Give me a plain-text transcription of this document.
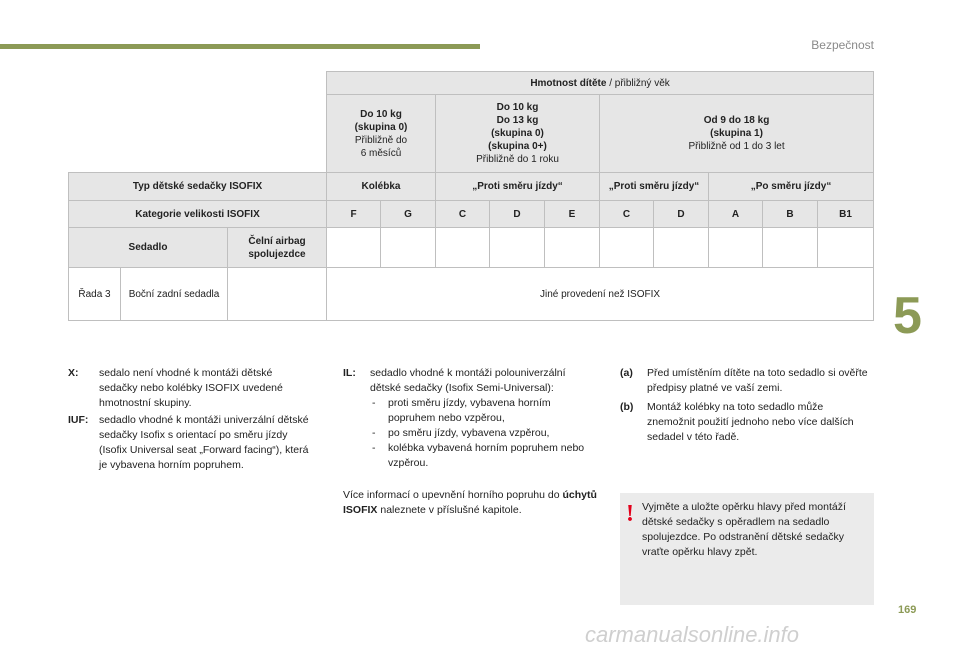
Bezpečnost
			Hmotnost dítěte / přibližný věk									
			Do 10 kg
(skupina 0)
Přibližně do
6 měsíců		Do 10 kg
Do 13 kg
(skupina 0)
(skupina 0+)
Přibližně do 1 roku			Od 9 do 18 kg
(skupina 1)
Přibližně od 1 do 3 let				
Typ dětské sedačky ISOFIX			Kolébka		„Proti směru jízdy“			„Proti směru jízdy“		„Po směru jízdy“		
Kategorie velikosti ISOFIX			F	G	C	D	E	C	D	A	B	B1
Sedadlo		Čelní airbag spolujezdce										
Řada 3	Boční zadní sedadla		Jiné provedení než ISOFIX									
X: sedalo není vhodné k montáži dětské sedačky nebo kolébky ISOFIX uvedené hmotnostní skupiny.
IUF: sedadlo vhodné k montáži univerzální dětské sedačky Isofix s orientací po směru jízdy (Isofix Universal seat „Forward facing“), která je vybavena horním popruhem.
IL: sedadlo vhodné k montáži polouniverzální dětské sedačky (Isofix Semi-Universal):
- proti směru jízdy, vybavena horním popruhem nebo vzpěrou,
- po směru jízdy, vybavena vzpěrou,
- kolébka vybavená horním popruhem nebo vzpěrou.
Více informací o upevnění horního popruhu do úchytů ISOFIX naleznete v příslušné kapitole.
(a) Před umístěním dítěte na toto sedadlo si ověřte předpisy platné ve vaší zemi.
(b) Montáž kolébky na toto sedadlo může znemožnit použití jednoho nebo více dalších sedadel v této řadě.
! Vyjměte a uložte opěrku hlavy před montáží dětské sedačky s opěradlem na sedadlo spolujezdce. Po odstranění dětské sedačky vraťte opěrku hlavy zpět.
5
169
carmanualsonline.info
